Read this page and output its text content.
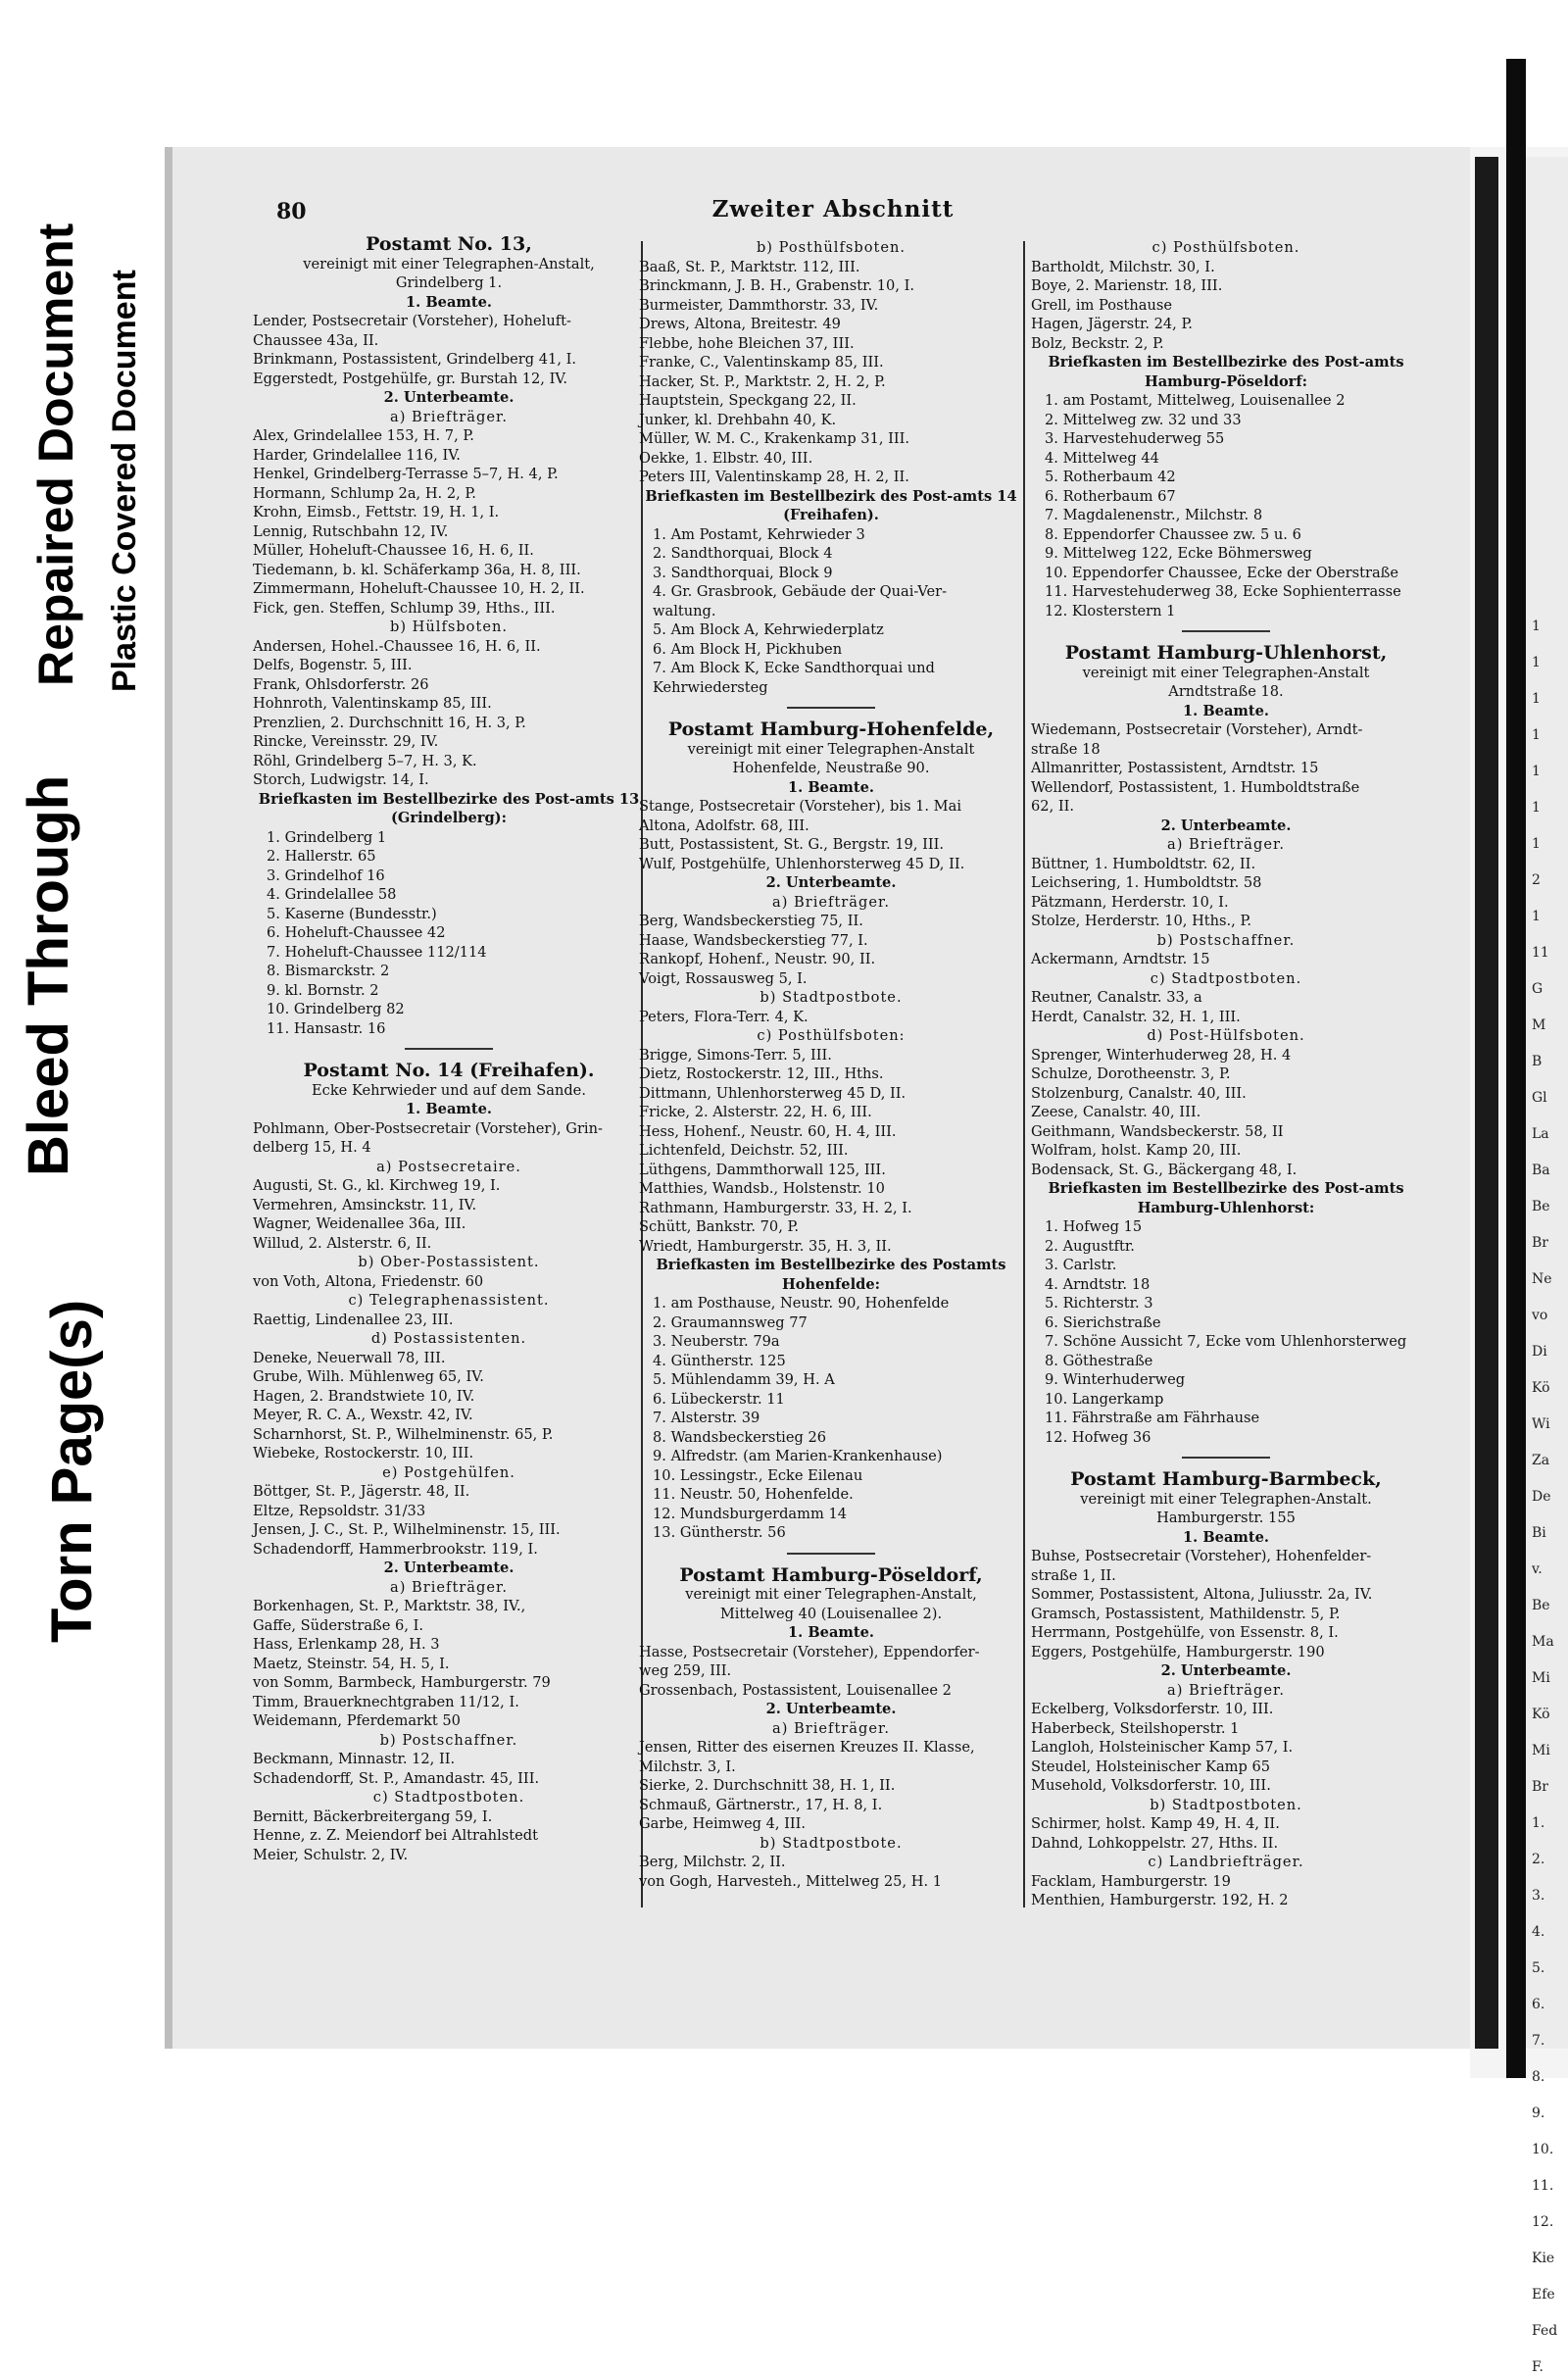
Torn Page(s)
Bleed Through
Repaired Document Plastic Covered Document	1
1
1
1
1
1
1
2
1
11
G
M
B
Gl
La
Ba
Be
Br
Ne
vo
Di
Kö
Wi
Za
De
Bi
v.
Be
Ma
Mi
Kö
Mi
Br
1.
2.
3.
4.
5.
6.
7.
8.
9.
10.
11.
12.
Kie
Efe
Fed
F.
80	Zweiter Abschnitt
Postamt No. 13,
vereinigt mit einer Telegraphen-Anstalt,
Grindelberg 1.
1. Beamte.
Lender, Postsecretair (Vorsteher), Hoheluft-
Chaussee 43a, II.
Brinkmann, Postassistent, Grindelberg 41, I.
Eggerstedt, Postgehülfe, gr. Burstah 12, IV.
2. Unterbeamte.
a) Briefträger.
Alex, Grindelallee 153, H. 7, P.
Harder, Grindelallee 116, IV.
Henkel, Grindelberg-Terrasse 5–7, H. 4, P.
Hormann, Schlump 2a, H. 2, P.
Krohn, Eimsb., Fettstr. 19, H. 1, I.
Lennig, Rutschbahn 12, IV.
Müller, Hoheluft-Chaussee 16, H. 6, II.
Tiedemann, b. kl. Schäferkamp 36a, H. 8, III.
Zimmermann, Hoheluft-Chaussee 10, H. 2, II.
Fick, gen. Steffen, Schlump 39, Hths., III.
b) Hülfsboten.
Andersen, Hohel.-Chaussee 16, H. 6, II.
Delfs, Bogenstr. 5, III.
Frank, Ohlsdorferstr. 26
Hohnroth, Valentinskamp 85, III.
Prenzlien, 2. Durchschnitt 16, H. 3, P.
Rincke, Vereinsstr. 29, IV.
Röhl, Grindelberg 5–7, H. 3, K.
Storch, Ludwigstr. 14, I.
Briefkasten im Bestellbezirke des Post-amts 13 (Grindelberg):
1. Grindelberg 1
2. Hallerstr. 65
3. Grindelhof 16
4. Grindelallee 58
5. Kaserne (Bundesstr.)
6. Hoheluft-Chaussee 42
7. Hoheluft-Chaussee 112/114
8. Bismarckstr. 2
9. kl. Bornstr. 2
10. Grindelberg 82
11. Hansastr. 16
Postamt No. 14 (Freihafen).
Ecke Kehrwieder und auf dem Sande.
1. Beamte.
Pohlmann, Ober-Postsecretair (Vorsteher), Grin-
delberg 15, H. 4
a) Postsecretaire.
Augusti, St. G., kl. Kirchweg 19, I.
Vermehren, Amsinckstr. 11, IV.
Wagner, Weidenallee 36a, III.
Willud, 2. Alsterstr. 6, II.
b) Ober-Postassistent.
von Voth, Altona, Friedenstr. 60
c) Telegraphenassistent.
Raettig, Lindenallee 23, III.
d) Postassistenten.
Deneke, Neuerwall 78, III.
Grube, Wilh. Mühlenweg 65, IV.
Hagen, 2. Brandstwiete 10, IV.
Meyer, R. C. A., Wexstr. 42, IV.
Scharnhorst, St. P., Wilhelminenstr. 65, P.
Wiebeke, Rostockerstr. 10, III.
e) Postgehülfen.
Böttger, St. P., Jägerstr. 48, II.
Eltze, Repsoldstr. 31/33
Jensen, J. C., St. P., Wilhelminenstr. 15, III.
Schadendorff, Hammerbrookstr. 119, I.
2. Unterbeamte.
a) Briefträger.
Borkenhagen, St. P., Marktstr. 38, IV.,
Gaffe, Süderstraße 6, I.
Hass, Erlenkamp 28, H. 3
Maetz, Steinstr. 54, H. 5, I.
von Somm, Barmbeck, Hamburgerstr. 79
Timm, Brauerknechtgraben 11/12, I.
Weidemann, Pferdemarkt 50
b) Postschaffner.
Beckmann, Minnastr. 12, II.
Schadendorff, St. P., Amandastr. 45, III.
c) Stadtpostboten.
Bernitt, Bäckerbreitergang 59, I.
Henne, z. Z. Meiendorf bei Altrahlstedt
Meier, Schulstr. 2, IV.
b) Posthülfsboten.
Baaß, St. P., Marktstr. 112, III.
Brinckmann, J. B. H., Grabenstr. 10, I.
Burmeister, Dammthorstr. 33, IV.
Drews, Altona, Breitestr. 49
Flebbe, hohe Bleichen 37, III.
Franke, C., Valentinskamp 85, III.
Hacker, St. P., Marktstr. 2, H. 2, P.
Hauptstein, Speckgang 22, II.
Junker, kl. Drehbahn 40, K.
Müller, W. M. C., Krakenkamp 31, III.
Oekke, 1. Elbstr. 40, III.
Peters III, Valentinskamp 28, H. 2, II.
Briefkasten im Bestellbezirk des Post-amts 14 (Freihafen).
1. Am Postamt, Kehrwieder 3
2. Sandthorquai, Block 4
3. Sandthorquai, Block 9
4. Gr. Grasbrook, Gebäude der Quai-Ver-
waltung.
5. Am Block A, Kehrwiederplatz
6. Am Block H, Pickhuben
7. Am Block K, Ecke Sandthorquai und
Kehrwiedersteg
Postamt Hamburg-Hohenfelde,
vereinigt mit einer Telegraphen-Anstalt
Hohenfelde, Neustraße 90.
1. Beamte.
Stange, Postsecretair (Vorsteher), bis 1. Mai
Altona, Adolfstr. 68, III.
Butt, Postassistent, St. G., Bergstr. 19, III.
Wulf, Postgehülfe, Uhlenhorsterweg 45 D, II.
2. Unterbeamte.
a) Briefträger.
Berg, Wandsbeckerstieg 75, II.
Haase, Wandsbeckerstieg 77, I.
Rankopf, Hohenf., Neustr. 90, II.
Voigt, Rossausweg 5, I.
b) Stadtpostbote.
Peters, Flora-Terr. 4, K.
c) Posthülfsboten:
Brigge, Simons-Terr. 5, III.
Dietz, Rostockerstr. 12, III., Hths.
Dittmann, Uhlenhorsterweg 45 D, II.
Fricke, 2. Alsterstr. 22, H. 6, III.
Hess, Hohenf., Neustr. 60, H. 4, III.
Lichtenfeld, Deichstr. 52, III.
Lüthgens, Dammthorwall 125, III.
Matthies, Wandsb., Holstenstr. 10
Rathmann, Hamburgerstr. 33, H. 2, I.
Schütt, Bankstr. 70, P.
Wriedt, Hamburgerstr. 35, H. 3, II.
Briefkasten im Bestellbezirke des Postamts Hohenfelde:
1. am Posthause, Neustr. 90, Hohenfelde
2. Graumannsweg 77
3. Neuberstr. 79a
4. Güntherstr. 125
5. Mühlendamm 39, H. A
6. Lübeckerstr. 11
7. Alsterstr. 39
8. Wandsbeckerstieg 26
9. Alfredstr. (am Marien-Krankenhause)
10. Lessingstr., Ecke Eilenau
11. Neustr. 50, Hohenfelde.
12. Mundsburgerdamm 14
13. Güntherstr. 56
Postamt Hamburg-Pöseldorf,
vereinigt mit einer Telegraphen-Anstalt,
Mittelweg 40 (Louisenallee 2).
1. Beamte.
Hasse, Postsecretair (Vorsteher), Eppendorfer-
weg 259, III.
Grossenbach, Postassistent, Louisenallee 2
2. Unterbeamte.
a) Briefträger.
Jensen, Ritter des eisernen Kreuzes II. Klasse,
Milchstr. 3, I.
Sierke, 2. Durchschnitt 38, H. 1, II.
Schmauß, Gärtnerstr., 17, H. 8, I.
Garbe, Heimweg 4, III.
b) Stadtpostbote.
Berg, Milchstr. 2, II.
von Gogh, Harvesteh., Mittelweg 25, H. 1
c) Posthülfsboten.
Bartholdt, Milchstr. 30, I.
Boye, 2. Marienstr. 18, III.
Grell, im Posthause
Hagen, Jägerstr. 24, P.
Bolz, Beckstr. 2, P.
Briefkasten im Bestellbezirke des Post-amts Hamburg-Pöseldorf:
1. am Postamt, Mittelweg, Louisenallee 2
2. Mittelweg zw. 32 und 33
3. Harvestehuderweg 55
4. Mittelweg 44
5. Rotherbaum 42
6. Rotherbaum 67
7. Magdalenenstr., Milchstr. 8
8. Eppendorfer Chaussee zw. 5 u. 6
9. Mittelweg 122, Ecke Böhmersweg
10. Eppendorfer Chaussee, Ecke der Oberstraße
11. Harvestehuderweg 38, Ecke Sophienterrasse
12. Klosterstern 1
Postamt Hamburg-Uhlenhorst,
vereinigt mit einer Telegraphen-Anstalt
Arndtstraße 18.
1. Beamte.
Wiedemann, Postsecretair (Vorsteher), Arndt-
straße 18
Allmanritter, Postassistent, Arndtstr. 15
Wellendorf, Postassistent, 1. Humboldtstraße
62, II.
2. Unterbeamte.
a) Briefträger.
Büttner, 1. Humboldtstr. 62, II.
Leichsering, 1. Humboldtstr. 58
Pätzmann, Herderstr. 10, I.
Stolze, Herderstr. 10, Hths., P.
b) Postschaffner.
Ackermann, Arndtstr. 15
c) Stadtpostboten.
Reutner, Canalstr. 33, a
Herdt, Canalstr. 32, H. 1, III.
d) Post-Hülfsboten.
Sprenger, Winterhuderweg 28, H. 4
Schulze, Dorotheenstr. 3, P.
Stolzenburg, Canalstr. 40, III.
Zeese, Canalstr. 40, III.
Geithmann, Wandsbeckerstr. 58, II
Wolfram, holst. Kamp 20, III.
Bodensack, St. G., Bäckergang 48, I.
Briefkasten im Bestellbezirke des Post-amts Hamburg-Uhlenhorst:
1. Hofweg 15
2. Augustftr.
3. Carlstr.
4. Arndtstr. 18
5. Richterstr. 3
6. Sierichstraße
7. Schöne Aussicht 7, Ecke vom Uhlenhorsterweg
8. Göthestraße
9. Winterhuderweg
10. Langerkamp
11. Fährstraße am Fährhause
12. Hofweg 36
Postamt Hamburg-Barmbeck,
vereinigt mit einer Telegraphen-Anstalt.
Hamburgerstr. 155
1. Beamte.
Buhse, Postsecretair (Vorsteher), Hohenfelder-
straße 1, II.
Sommer, Postassistent, Altona, Juliusstr. 2a, IV.
Gramsch, Postassistent, Mathildenstr. 5, P.
Herrmann, Postgehülfe, von Essenstr. 8, I.
Eggers, Postgehülfe, Hamburgerstr. 190
2. Unterbeamte.
a) Briefträger.
Eckelberg, Volksdorferstr. 10, III.
Haberbeck, Steilshoperstr. 1
Langloh, Holsteinischer Kamp 57, I.
Steudel, Holsteinischer Kamp 65
Musehold, Volksdorferstr. 10, III.
b) Stadtpostboten.
Schirmer, holst. Kamp 49, H. 4, II.
Dahnd, Lohkoppelstr. 27, Hths. II.
c) Landbriefträger.
Facklam, Hamburgerstr. 19
Menthien, Hamburgerstr. 192, H. 2
